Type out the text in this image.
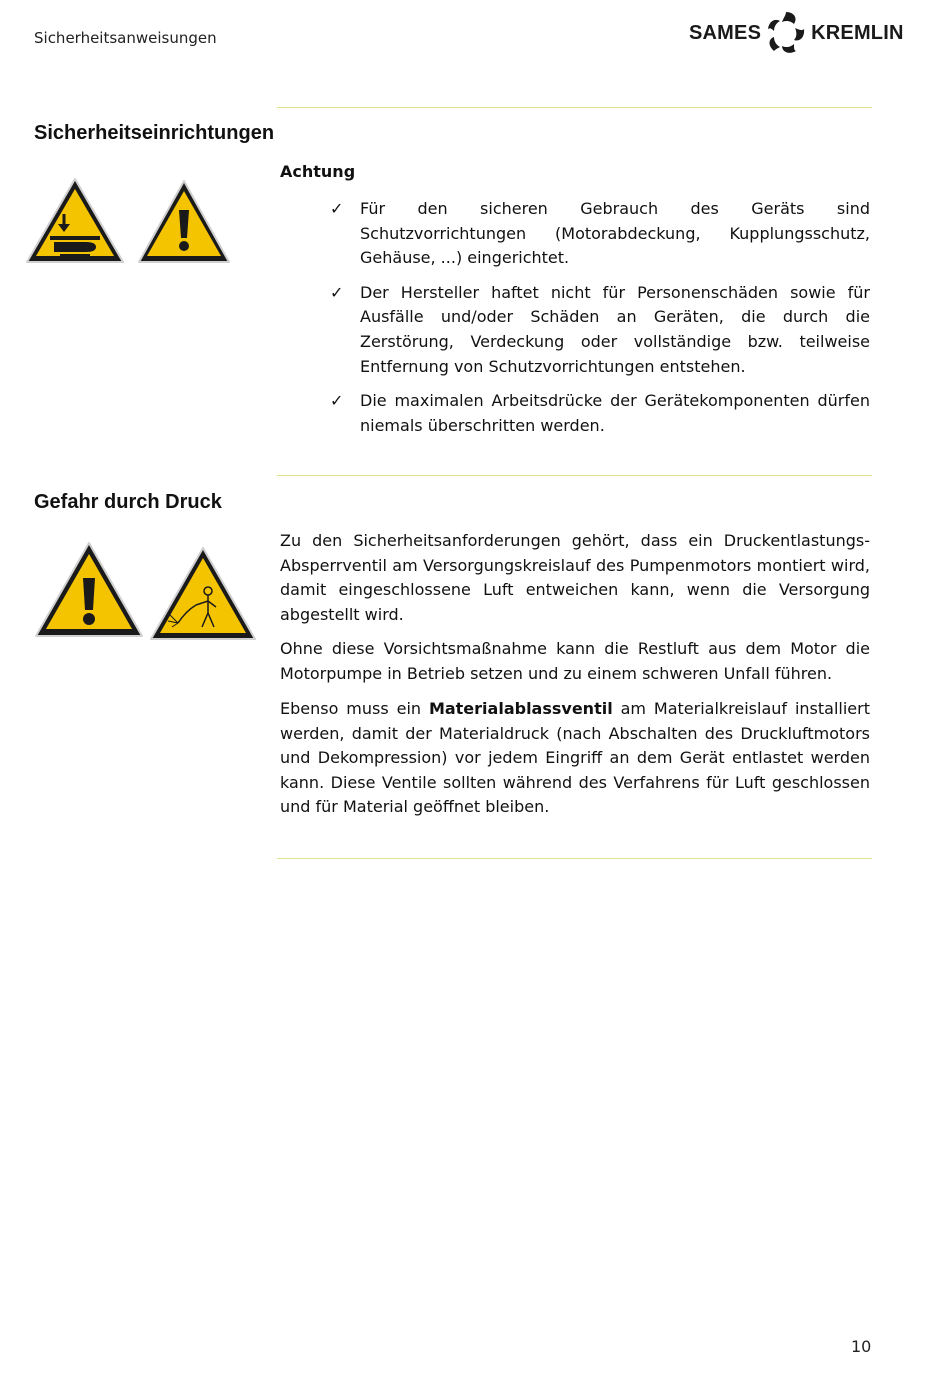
Sicherheitsanweisungen	SAMES	KREMLIN
Sicherheitseinrichtungen
Achtung
✓ Für den sicheren Gebrauch des Geräts sind Schutzvorrichtungen (Motorabdeckung, Kupplungsschutz, Gehäuse, ...) eingerichtet.
✓ Der Hersteller haftet nicht für Personenschäden sowie für Ausfälle und/oder Schäden an Geräten, die durch die Zerstörung, Verdeckung oder vollständige bzw. teilweise Entfernung von Schutzvorrichtungen entstehen.
✓ Die maximalen Arbeitsdrücke der Gerätekomponenten dürfen niemals überschritten werden.
Gefahr durch Druck

Zu den Sicherheitsanforderungen gehört, dass ein Druckentlastungs-Absperrventil am Versorgungskreislauf des Pumpenmotors montiert wird, damit eingeschlossene Luft entweichen kann, wenn die Versorgung abgestellt wird.

Ohne diese Vorsichtsmaßnahme kann die Restluft aus dem Motor die Motorpumpe in Betrieb setzen und zu einem schweren Unfall führen.

Ebenso muss ein Materialablassventil am Materialkreislauf installiert werden, damit der Materialdruck (nach Abschalten des Druckluftmotors und Dekompression) vor jedem Eingriff an dem Gerät entlastet werden kann. Diese Ventile sollten während des Verfahrens für Luft geschlossen und für Material geöffnet bleiben.

10
